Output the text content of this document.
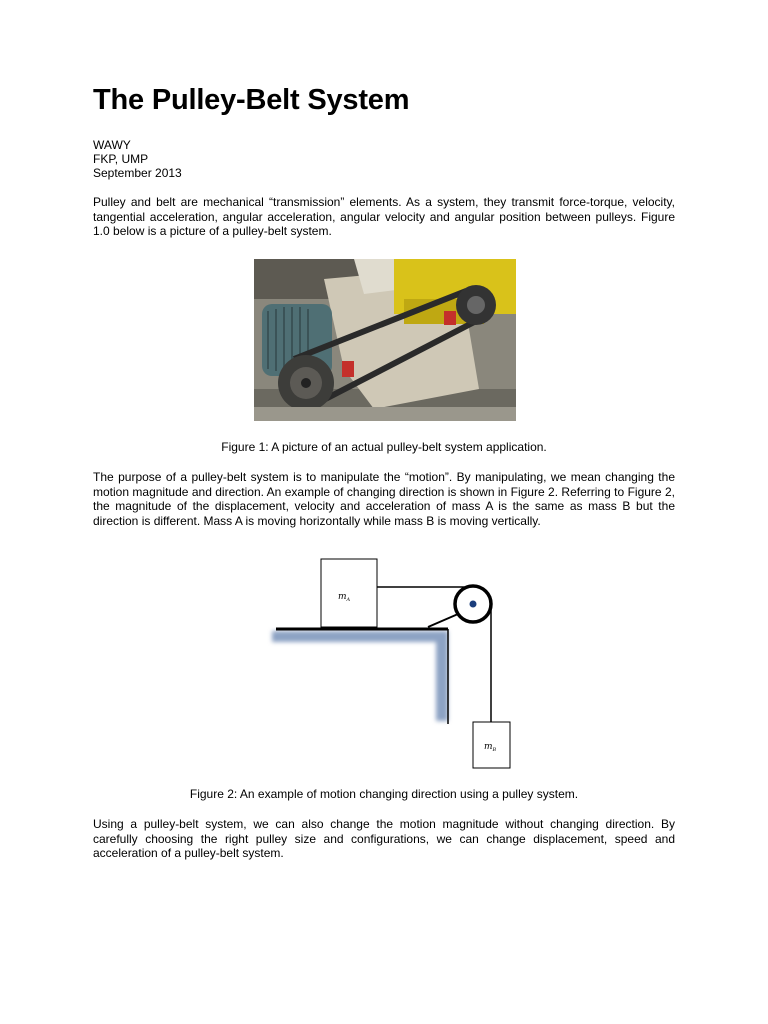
The Pulley-Belt System
WAWY
FKP, UMP
September 2013

Pulley and belt are mechanical “transmission” elements. As a system, they transmit force-torque, velocity, tangential acceleration, angular acceleration, angular velocity and angular position between pulleys. Figure 1.0 below is a picture of a pulley-belt system.

Figure 1: A picture of an actual pulley-belt system application.

The purpose of a pulley-belt system is to manipulate the “motion”. By manipulating, we mean changing the motion magnitude and direction. An example of changing direction is shown in Figure 2. Referring to Figure 2, the magnitude of the displacement, velocity and acceleration of mass A is the same as mass B but the direction is different. Mass A is moving horizontally while mass B is moving vertically.

$m_A$
$m_B$

Figure 2: An example of motion changing direction using a pulley system.

Using a pulley-belt system, we can also change the motion magnitude without changing direction. By carefully choosing the right pulley size and configurations, we can change displacement, speed and acceleration of a pulley-belt system.
